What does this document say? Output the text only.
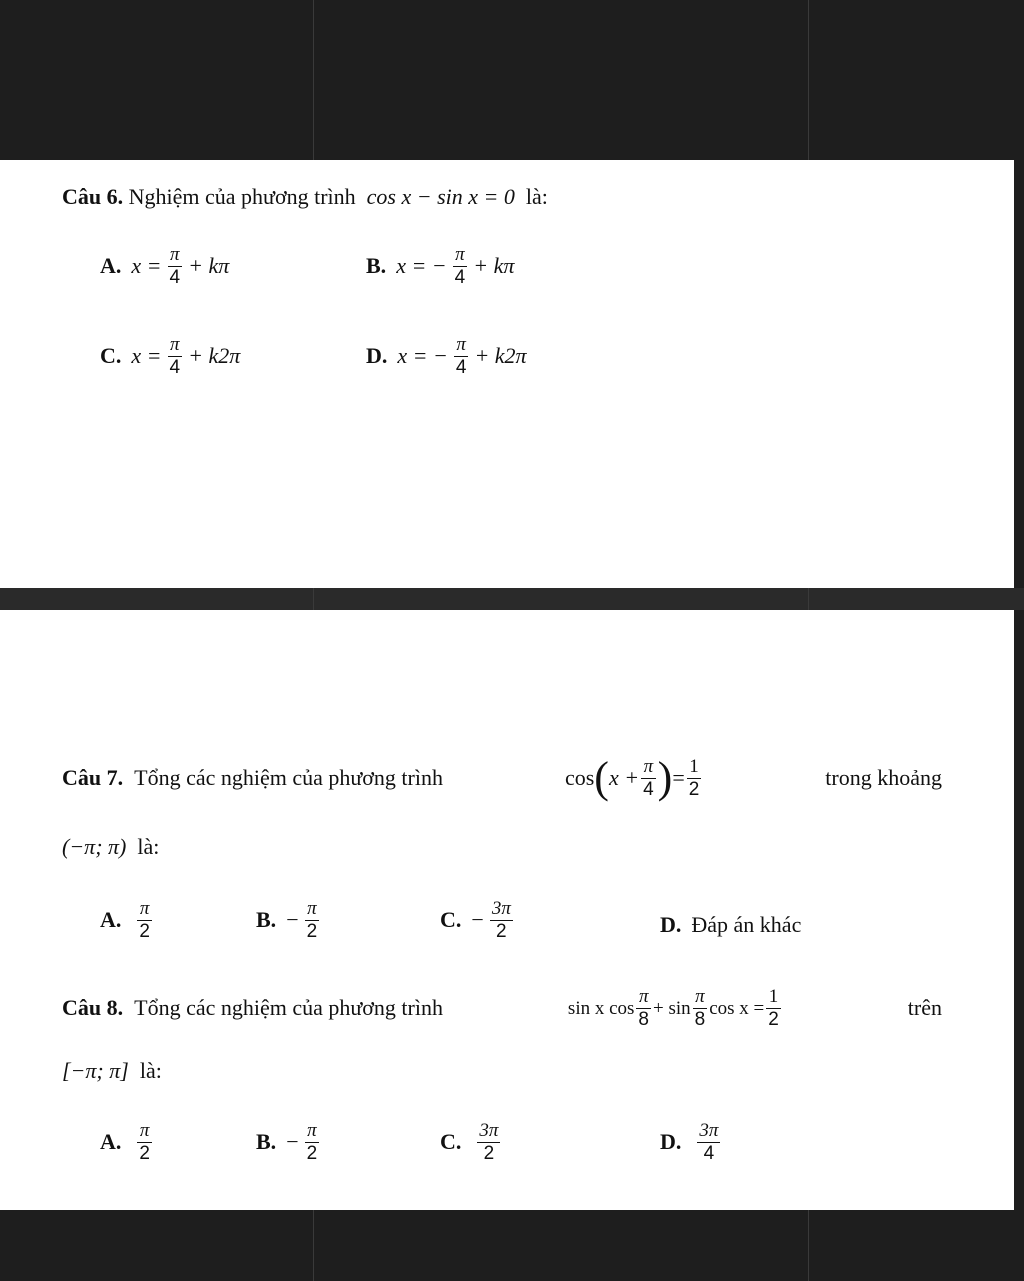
Câu 6. Nghiệm của phương trình cos x − sin x = 0 là:
A. $x = \frac{\pi}{4} + k\pi$	B. x = − $\frac{\pi}{4} + k\pi$
C. $x = \frac{\pi}{4} + k2\pi$	D. x = − $\frac{\pi}{4} + k2\pi$
Câu 7. Tổng các nghiệm của phương trình	cos ( $x + \frac{\pi}{4}$ ) = $\frac{1}{2}$	trong khoảng
(−π; π) là:
A. $\frac{\pi}{2}$	B. − $\frac{\pi}{2}$	C. − $\frac{3\pi}{2}$	D. Đáp án khác
Câu 8. Tổng các nghiệm của phương trình	sin x $\cos \frac{\pi}{8} + \sin \frac{\pi}{8}$ $\cos x = \frac{1}{2}$	trên
[−π; π] là:
A. $\frac{\pi}{2}$	B. − $\frac{\pi}{2}$	C. $\frac{3\pi}{2}$	D. $\frac{3\pi}{4}$
